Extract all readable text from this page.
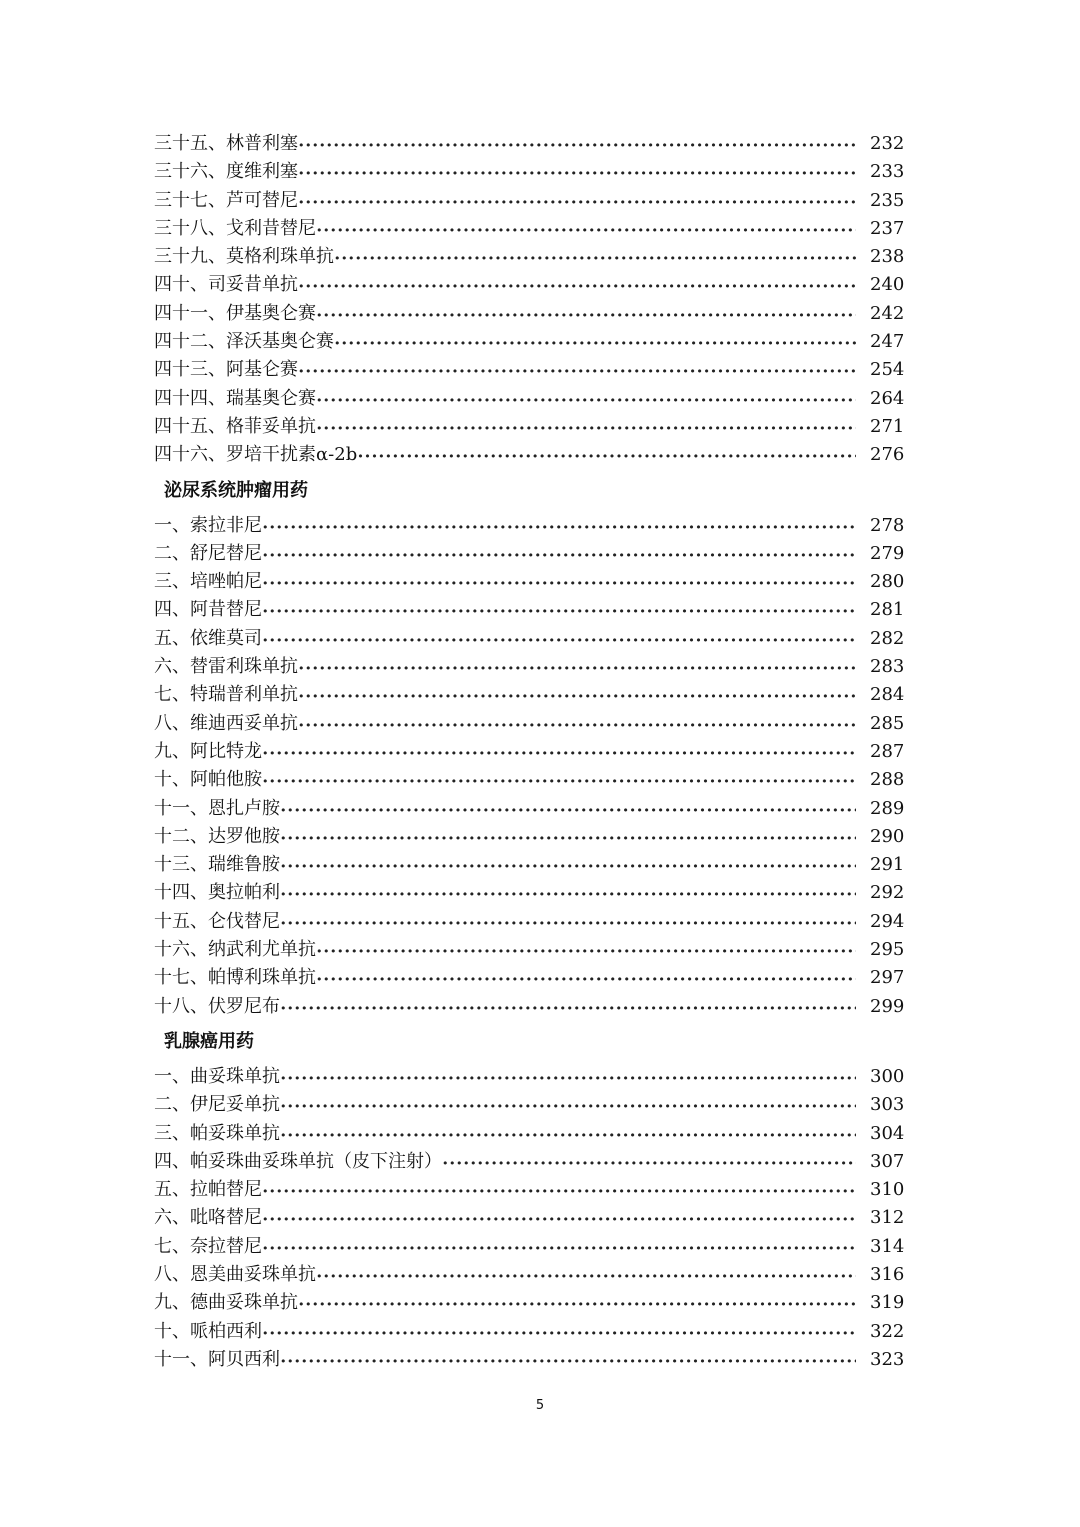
三十五、林普利塞 •••••	232
三十六、度维利塞 •••••	233
三十七、芦可替尼 •••••	235
三十八、戈利昔替尼 •••••	237
三十九、莫格利珠单抗 •••••	238
四十、司妥昔单抗 •••••	240
四十一、伊基奥仑赛 •••••	242
四十二、泽沃基奥仑赛 •••••	247
四十三、阿基仑赛 •••••	254
四十四、瑞基奥仑赛 •••••	264
四十五、格菲妥单抗 •••••	271
四十六、罗培干扰素α-2b •••••	276
泌尿系统肿瘤用药
一、索拉非尼 •••••	278
二、舒尼替尼 •••••	279
三、培唑帕尼 •••••	280
四、阿昔替尼 •••••	281
五、依维莫司 •••••	282
六、替雷利珠单抗 •••••	283
七、特瑞普利单抗 •••••	284
八、维迪西妥单抗 •••••	285
九、阿比特龙 •••••	287
十、阿帕他胺 •••••	288
十一、恩扎卢胺 •••••	289
十二、达罗他胺 •••••	290
十三、瑞维鲁胺 •••••	291
十四、奥拉帕利 •••••	292
十五、仑伐替尼 •••••	294
十六、纳武利尤单抗 •••••	295
十七、帕博利珠单抗 •••••	297
十八、伏罗尼布 •••••	299
乳腺癌用药
一、曲妥珠单抗 •••••	300
二、伊尼妥单抗 •••••	303
三、帕妥珠单抗 •••••	304
四、帕妥珠曲妥珠单抗（皮下注射） •••••	307
五、拉帕替尼 •••••	310
六、吡咯替尼 •••••	312
七、奈拉替尼 •••••	314
八、恩美曲妥珠单抗 •••••	316
九、德曲妥珠单抗 •••••	319
十、哌柏西利 •••••	322
十一、阿贝西利 •••••	323
5
